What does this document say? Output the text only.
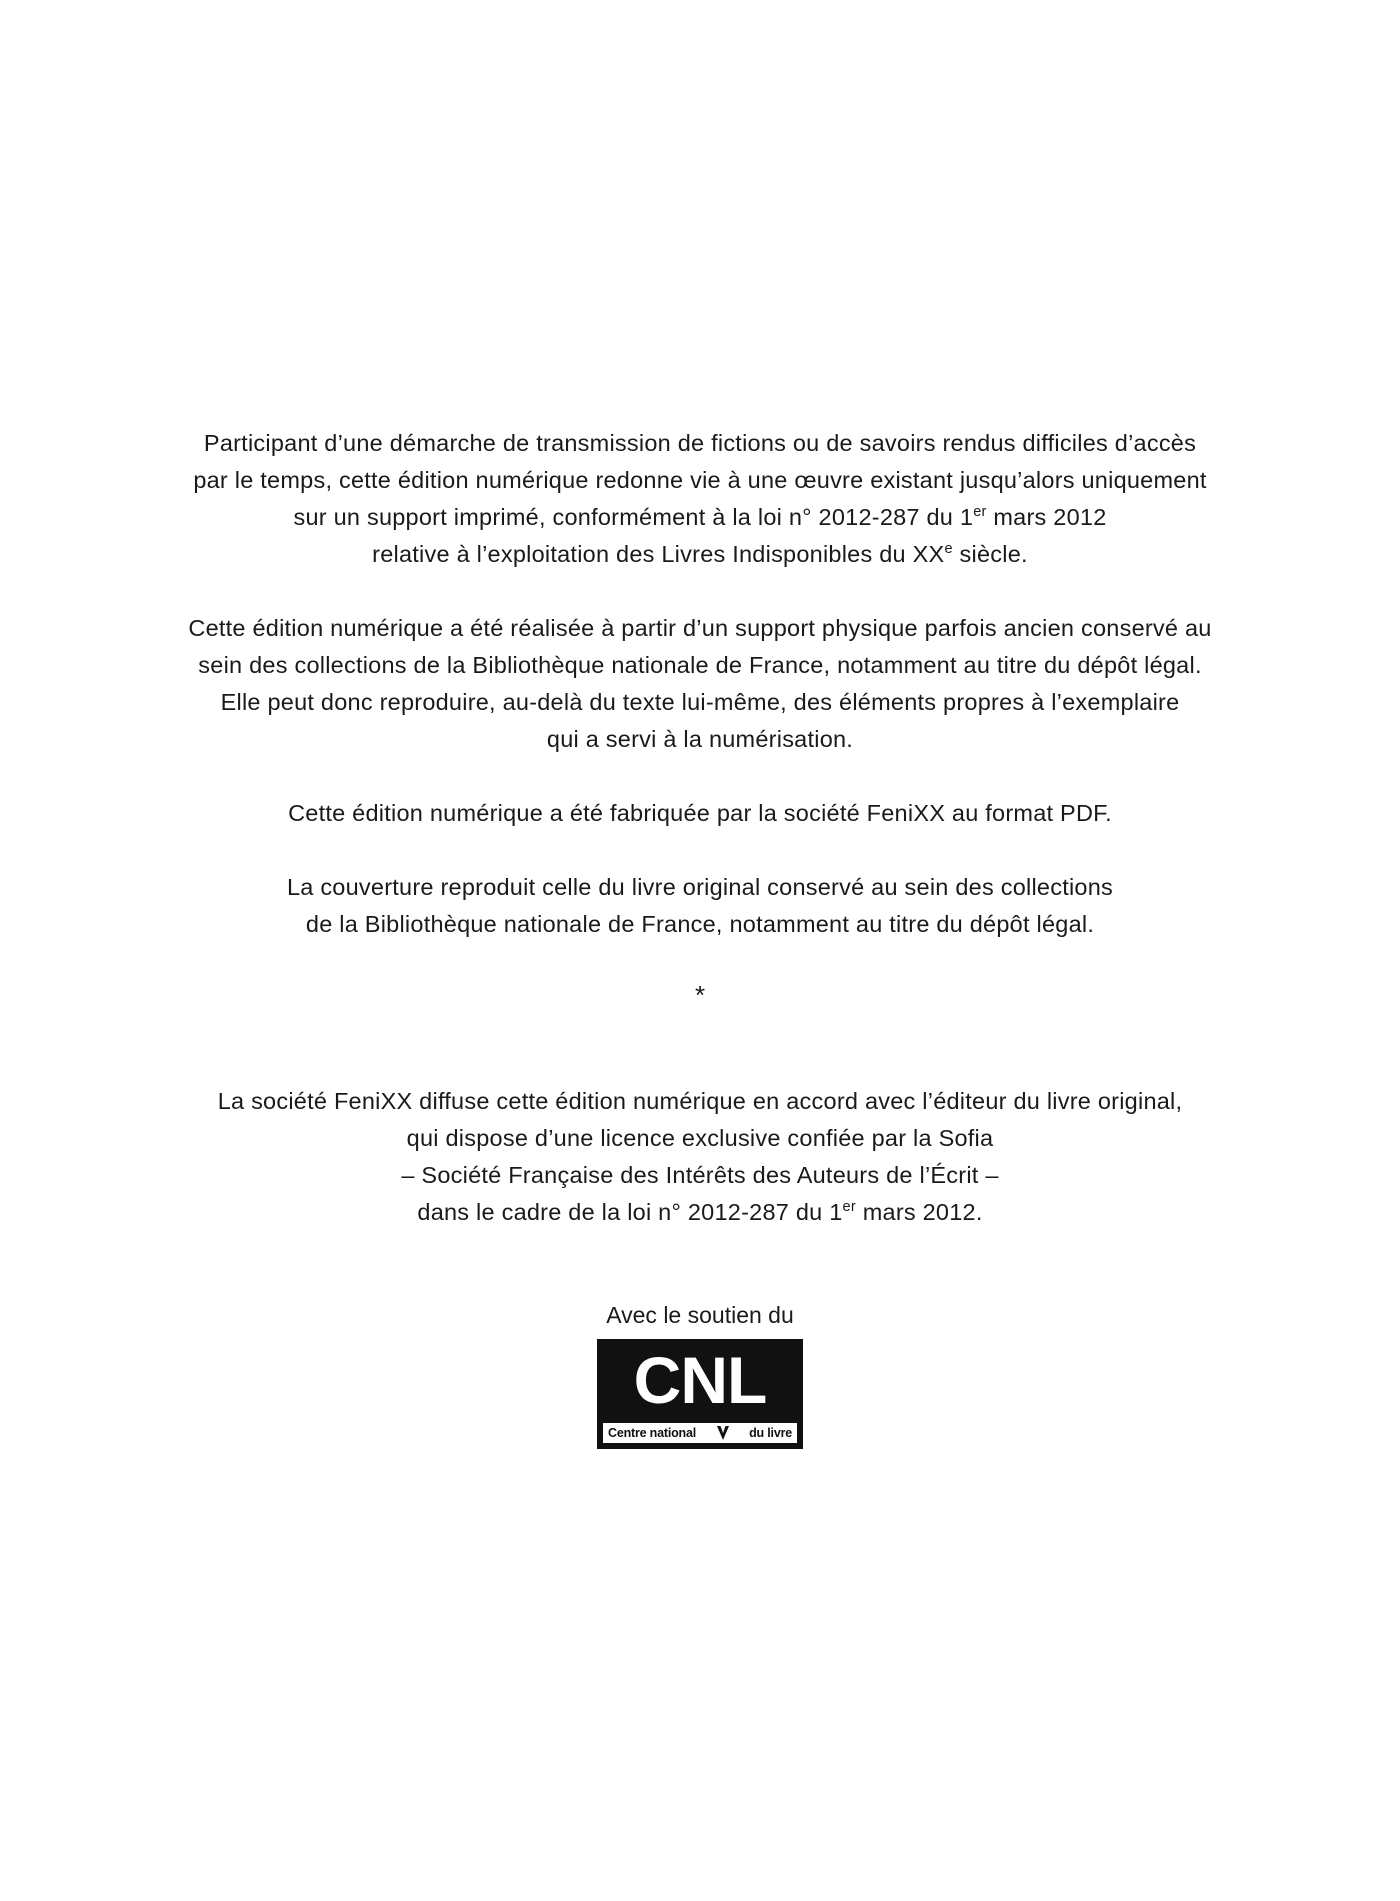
Participant d’une démarche de transmission de fictions ou de savoirs rendus difficiles d’accès
par le temps, cette édition numérique redonne vie à une œuvre existant jusqu’alors uniquement
sur un support imprimé, conformément à la loi n° 2012-287 du 1er mars 2012
relative à l’exploitation des Livres Indisponibles du XXe siècle.
Cette édition numérique a été réalisée à partir d’un support physique parfois ancien conservé au
sein des collections de la Bibliothèque nationale de France, notamment au titre du dépôt légal.
Elle peut donc reproduire, au-delà du texte lui-même, des éléments propres à l’exemplaire
qui a servi à la numérisation.
Cette édition numérique a été fabriquée par la société FeniXX au format PDF.
La couverture reproduit celle du livre original conservé au sein des collections
de la Bibliothèque nationale de France, notamment au titre du dépôt légal.
*
La société FeniXX diffuse cette édition numérique en accord avec l’éditeur du livre original,
qui dispose d’une licence exclusive confiée par la Sofia
– Société Française des Intérêts des Auteurs de l’Écrit –
dans le cadre de la loi n° 2012-287 du 1er mars 2012.
Avec le soutien du
CNL
Centre national	du livre
